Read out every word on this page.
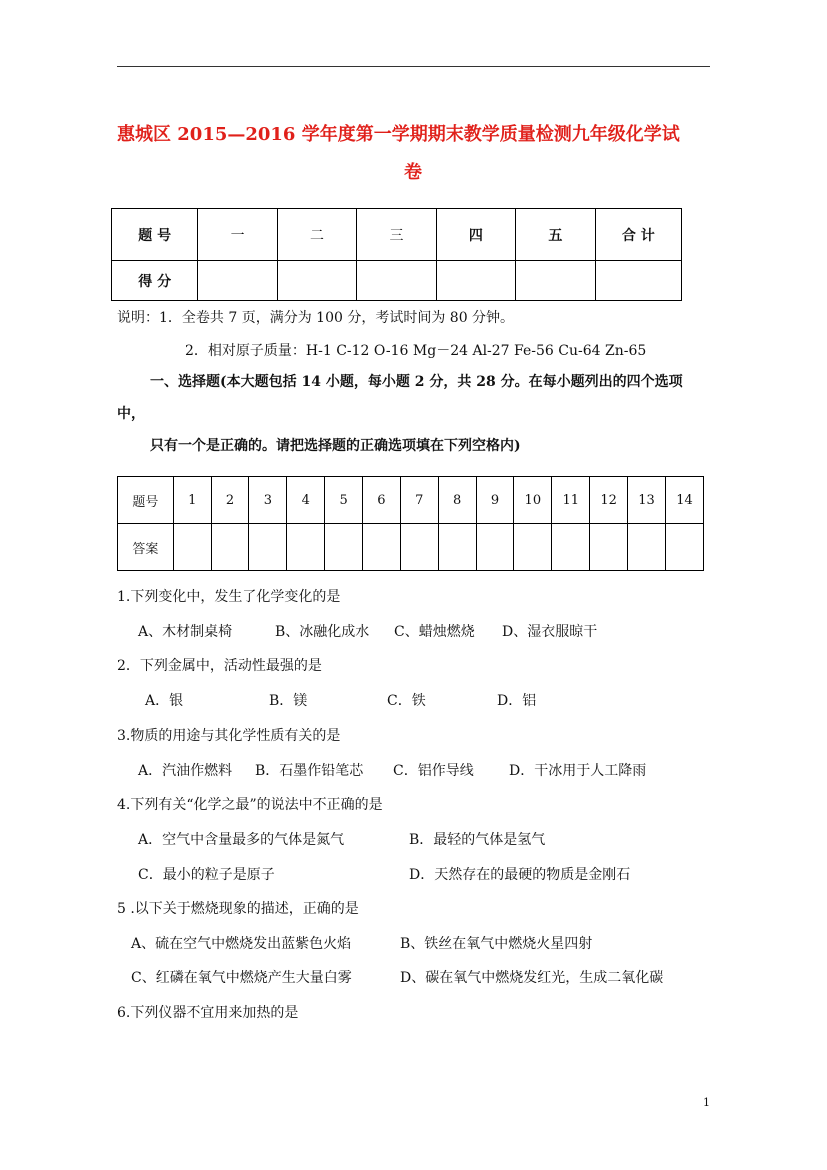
惠城区 2015—2016 学年度第一学期期末教学质量检测九年级化学试
卷
题 号	一	二	三	四	五	合 计
得 分						
说明：1．全卷共 7 页，满分为 100 分，考试时间为 80 分钟。
2．相对原子质量：H-1 C-12 O-16 Mg－24 Al-27 Fe-56 Cu-64 Zn-65
一、选择题(本大题包括 14 小题，每小题 2 分，共 28 分。在每小题列出的四个选项
中，
只有一个是正确的。请把选择题的正确选项填在下列空格内)
题号	1	2	3	4	5	6	7	8	9	10	11	12	13	14
答案														
1.下列变化中，发生了化学变化的是
A、木材制桌椅	B、冰融化成水 C、蜡烛燃烧 D、湿衣服晾干
2．下列金属中，活动性最强的是
A．银	B．镁	C．铁	D．铝
3.物质的用途与其化学性质有关的是
A．汽油作燃料 B．石墨作铅笔芯 C．铝作导线	D．干冰用于人工降雨
4.下列有关“化学之最”的说法中不正确的是
A．空气中含量最多的气体是氮气	B．最轻的气体是氢气
C．最小的粒子是原子	D．天然存在的最硬的物质是金刚石
5 .以下关于燃烧现象的描述，正确的是
A、硫在空气中燃烧发出蓝紫色火焰	B、铁丝在氧气中燃烧火星四射
C、红磷在氧气中燃烧产生大量白雾	D、碳在氧气中燃烧发红光，生成二氧化碳
6.下列仪器不宜用来加热的是
1
